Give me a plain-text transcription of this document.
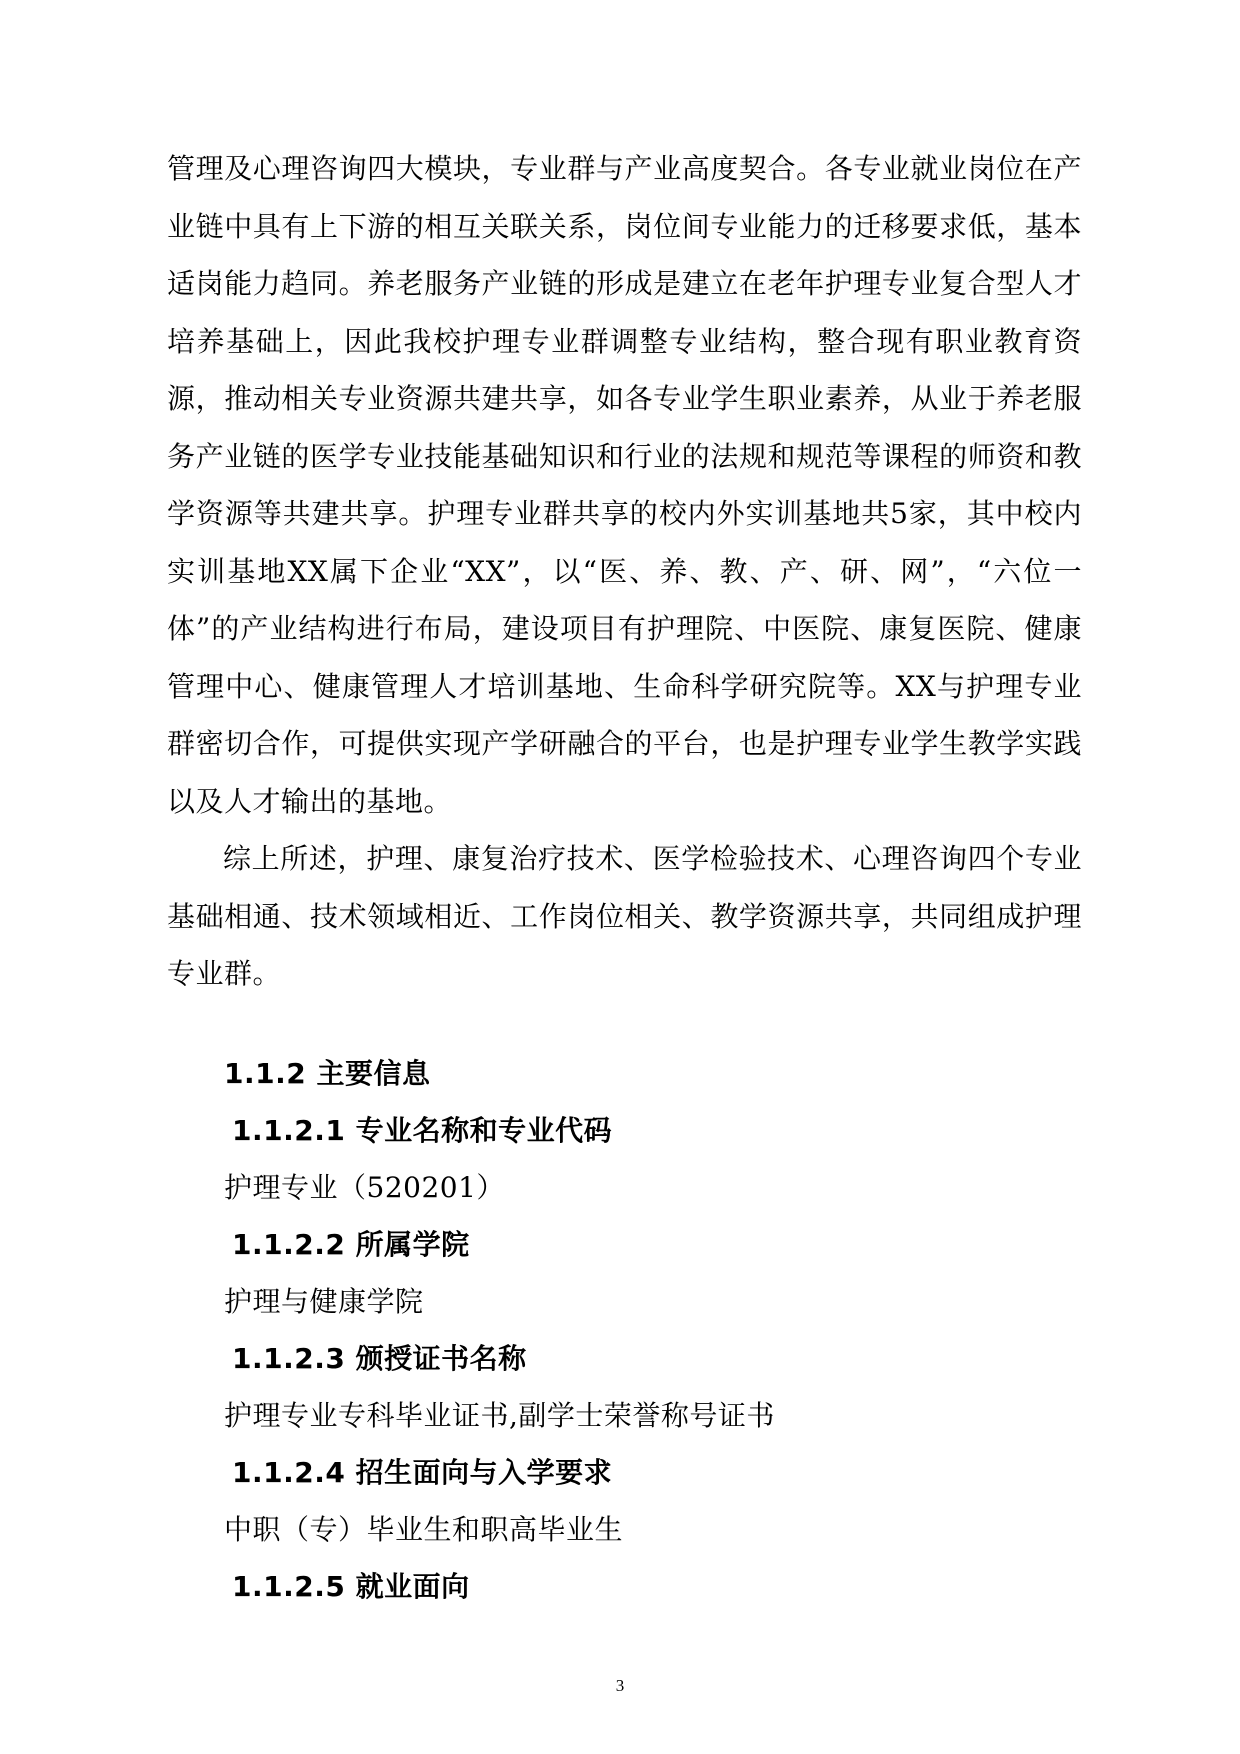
管理及心理咨询四大模块，专业群与产业高度契合。各专业就业岗位在产业链中具有上下游的相互关联关系，岗位间专业能力的迁移要求低，基本适岗能力趋同。养老服务产业链的形成是建立在老年护理专业复合型人才培养基础上，因此我校护理专业群调整专业结构，整合现有职业教育资源，推动相关专业资源共建共享，如各专业学生职业素养，从业于养老服务产业链的医学专业技能基础知识和行业的法规和规范等课程的师资和教学资源等共建共享。护理专业群共享的校内外实训基地共5家，其中校内实训基地XX属下企业“XX”，以“医、养、教、产、研、网”，“六位一体”的产业结构进行布局，建设项目有护理院、中医院、康复医院、健康管理中心、健康管理人才培训基地、生命科学研究院等。XX与护理专业群密切合作，可提供实现产学研融合的平台，也是护理专业学生教学实践以及人才输出的基地。

综上所述，护理、康复治疗技术、医学检验技术、心理咨询四个专业基础相通、技术领域相近、工作岗位相关、教学资源共享，共同组成护理专业群。

1.1.2 主要信息
1.1.2.1 专业名称和专业代码

护理专业（520201）

1.1.2.2 所属学院

护理与健康学院

1.1.2.3 颁授证书名称

护理专业专科毕业证书,副学士荣誉称号证书

1.1.2.4 招生面向与入学要求

中职（专）毕业生和职高毕业生

1.1.2.5 就业面向
3
